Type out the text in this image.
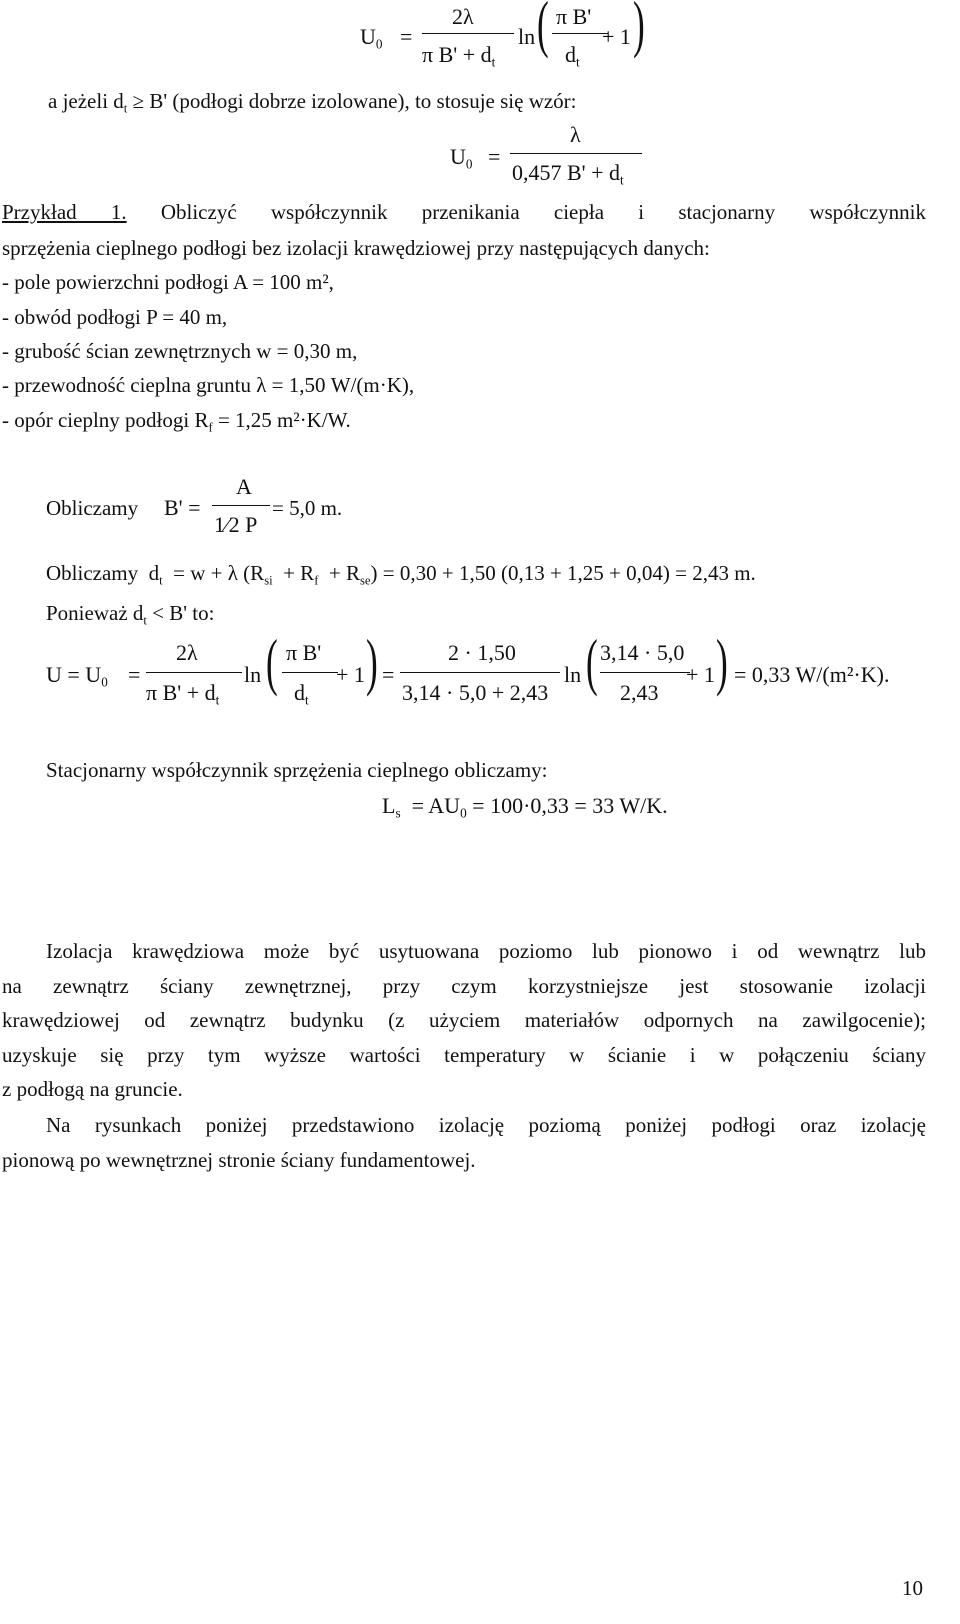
$U_0$ =
2λ
π $B' + d_t$
ln ( π B'
$d_t$
+ 1 )
a jeżeli $d_t \ge B'$ (podłogi dobrze izolowane), to stosuje się wzór:
$U_0$ =
λ
0,457 $B' + d_t$
Przykład 1. Obliczyć współczynnik przenikania ciepła i stacjonarny współczynnik
sprzężenia cieplnego podłogi bez izolacji krawędziowej przy następujących danych:
- pole powierzchni podłogi A = 100 m²,
- obwód podłogi P = 40 m,
- grubość ścian zewnętrznych w = 0,30 m,
- przewodność cieplna gruntu λ = 1,50 W/(m·K),
- opór cieplny podłogi $R_f = 1,25$ m²·K/W.
Obliczamy B' =
A
1⁄2 P
= 5,0 m.
Obliczamy $d_t = w + \lambda$ $(R_{si} + R_f + R_{se}) = 0,30 + 1,50$ (0,13 + 1,25 + 0,04) = 2,43 m.
Ponieważ $d_t < B'$ to:
$U = U_0$ =
2λ
π $B' + d_t$
ln ( π B'
$d_t$
+ 1 ) =
2 · 1,50
3,14 · 5,0 + 2,43
ln ( 3,14 · 5,0
2,43
+ 1 ) = 0,33 W/(m²·K).
Stacjonarny współczynnik sprzężenia cieplnego obliczamy:
$L_s = AU_0 = 100\cdot 0,33 = 33$ W/K.
Izolacja krawędziowa może być usytuowana poziomo lub pionowo i od wewnątrz lub
na zewnątrz ściany zewnętrznej, przy czym korzystniejsze jest stosowanie izolacji
krawędziowej od zewnątrz budynku (z użyciem materiałów odpornych na zawilgocenie);
uzyskuje się przy tym wyższe wartości temperatury w ścianie i w połączeniu ściany
z podłogą na gruncie.
Na rysunkach poniżej przedstawiono izolację poziomą poniżej podłogi oraz izolację
pionową po wewnętrznej stronie ściany fundamentowej.
10
